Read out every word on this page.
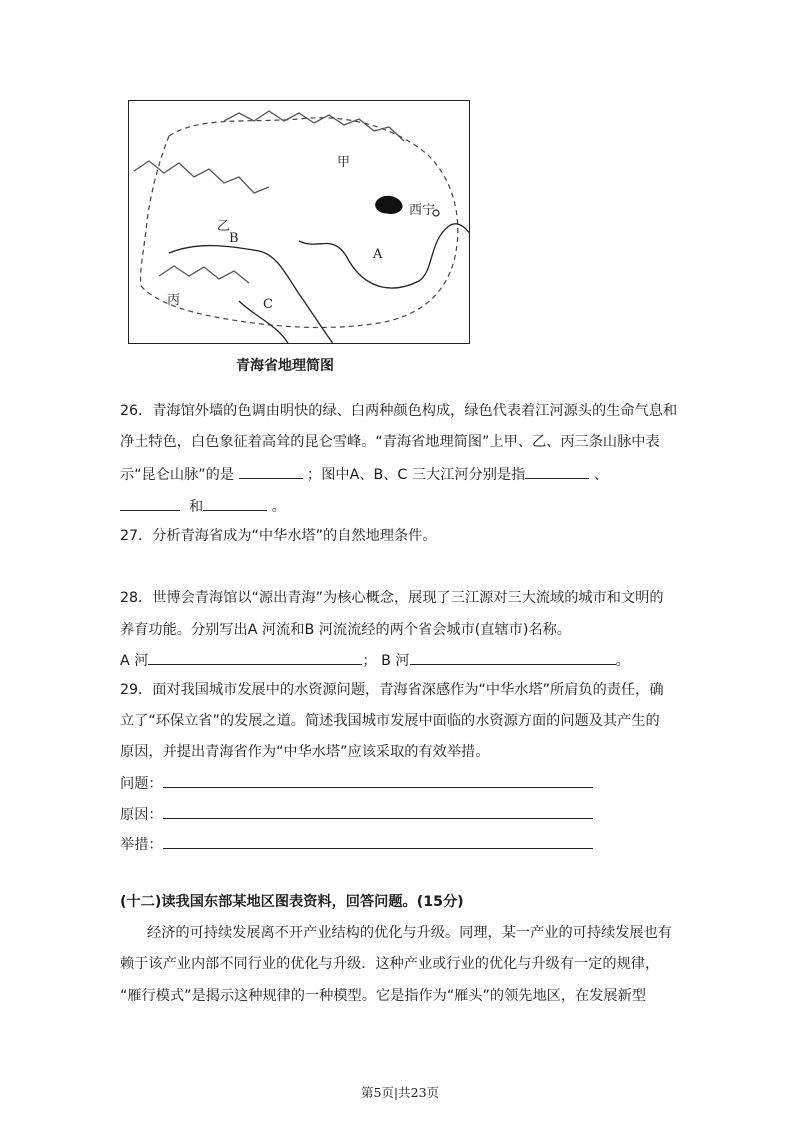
甲
乙
B
A
丙	C
西宁
青海省地理简图
26．青海馆外墙的色调由明快的绿、白两种颜色构成，绿色代表着江河源头的生命气息和
净土特色，白色象征着高耸的昆仑雪峰。“青海省地理简图”上甲、乙、丙三条山脉中表
示“昆仑山脉”的是	；图中A、B、C 三大江河分别是指	、
和	。
27．分析青海省成为“中华水塔”的自然地理条件。
28．世博会青海馆以“源出青海”为核心概念，展现了三江源对三大流域的城市和文明的
养育功能。分别写出A 河流和B 河流流经的两个省会城市(直辖市)名称。
A 河	； B 河	。
29．面对我国城市发展中的水资源问题，青海省深感作为“中华水塔”所肩负的责任，确
立了“环保立省”的发展之道。简述我国城市发展中面临的水资源方面的问题及其产生的
原因，并提出青海省作为“中华水塔”应该采取的有效举措。
问题：
原因：
举措：
(十二)读我国东部某地区图表资料，回答问题。(15分)
经济的可持续发展离不开产业结构的优化与升级。同理，某一产业的可持续发展也有
赖于该产业内部不同行业的优化与升级．这种产业或行业的优化与升级有一定的规律，
“雁行模式”是揭示这种规律的一种模型。它是指作为“雁头”的领先地区，在发展新型
第5页|共23页
